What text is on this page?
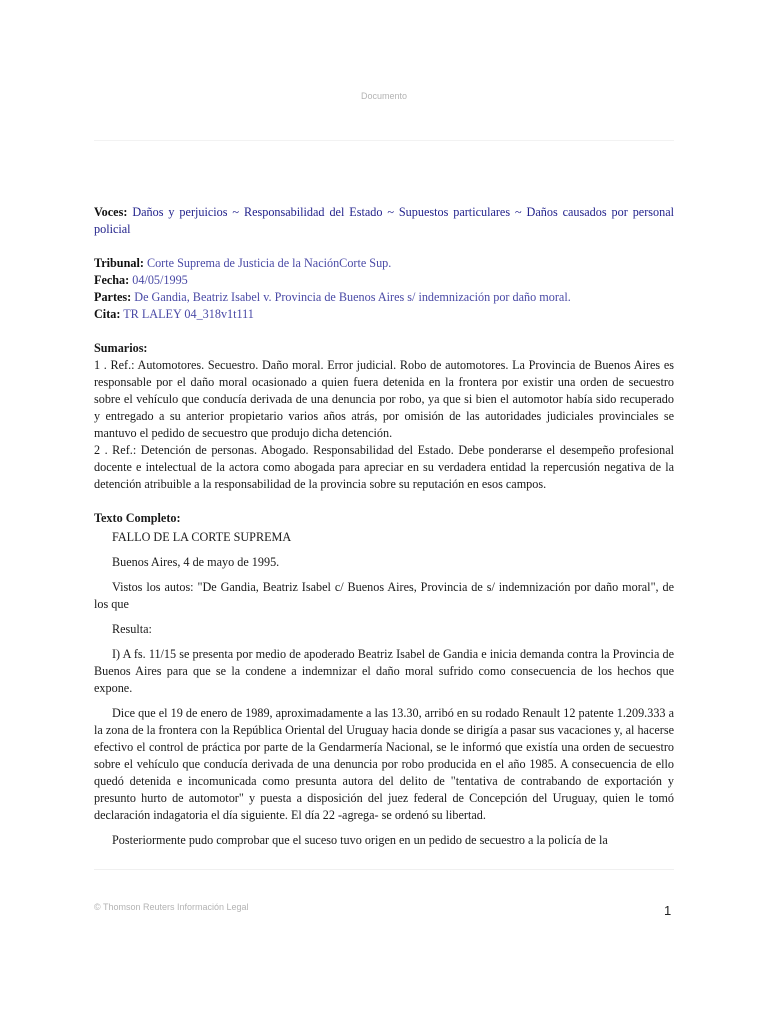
Documento

Voces: Daños y perjuicios ~ Responsabilidad del Estado ~ Supuestos particulares ~ Daños causados por personal policial

Tribunal: Corte Suprema de Justicia de la NaciónCorte Sup.

Fecha: 04/05/1995

Partes: De Gandia, Beatriz Isabel v. Provincia de Buenos Aires s/ indemnización por daño moral.

Cita: TR LALEY 04_318v1t111

Sumarios:

1 . Ref.: Automotores. Secuestro. Daño moral. Error judicial. Robo de automotores. La Provincia de Buenos Aires es responsable por el daño moral ocasionado a quien fuera detenida en la frontera por existir una orden de secuestro sobre el vehículo que conducía derivada de una denuncia por robo, ya que si bien el automotor había sido recuperado y entregado a su anterior propietario varios años atrás, por omisión de las autoridades judiciales provinciales se mantuvo el pedido de secuestro que produjo dicha detención.

2 . Ref.: Detención de personas. Abogado. Responsabilidad del Estado. Debe ponderarse el desempeño profesional docente e intelectual de la actora como abogada para apreciar en su verdadera entidad la repercusión negativa de la detención atribuible a la responsabilidad de la provincia sobre su reputación en esos campos.

Texto Completo:

FALLO DE LA CORTE SUPREMA

Buenos Aires, 4 de mayo de 1995.

Vistos los autos: "De Gandia, Beatriz Isabel c/ Buenos Aires, Provincia de s/ indemnización por daño moral", de los que

Resulta:

I) A fs. 11/15 se presenta por medio de apoderado Beatriz Isabel de Gandia e inicia demanda contra la Provincia de Buenos Aires para que se la condene a indemnizar el daño moral sufrido como consecuencia de los hechos que expone.

Dice que el 19 de enero de 1989, aproximadamente a las 13.30, arribó en su rodado Renault 12 patente 1.209.333 a la zona de la frontera con la República Oriental del Uruguay hacia donde se dirigía a pasar sus vacaciones y, al hacerse efectivo el control de práctica por parte de la Gendarmería Nacional, se le informó que existía una orden de secuestro sobre el vehículo que conducía derivada de una denuncia por robo producida en el año 1985. A consecuencia de ello quedó detenida e incomunicada como presunta autora del delito de "tentativa de contrabando de exportación y presunto hurto de automotor" y puesta a disposición del juez federal de Concepción del Uruguay, quien le tomó declaración indagatoria el día siguiente. El día 22 -agrega- se ordenó su libertad.

Posteriormente pudo comprobar que el suceso tuvo origen en un pedido de secuestro a la policía de la

© Thomson Reuters Información Legal	1
